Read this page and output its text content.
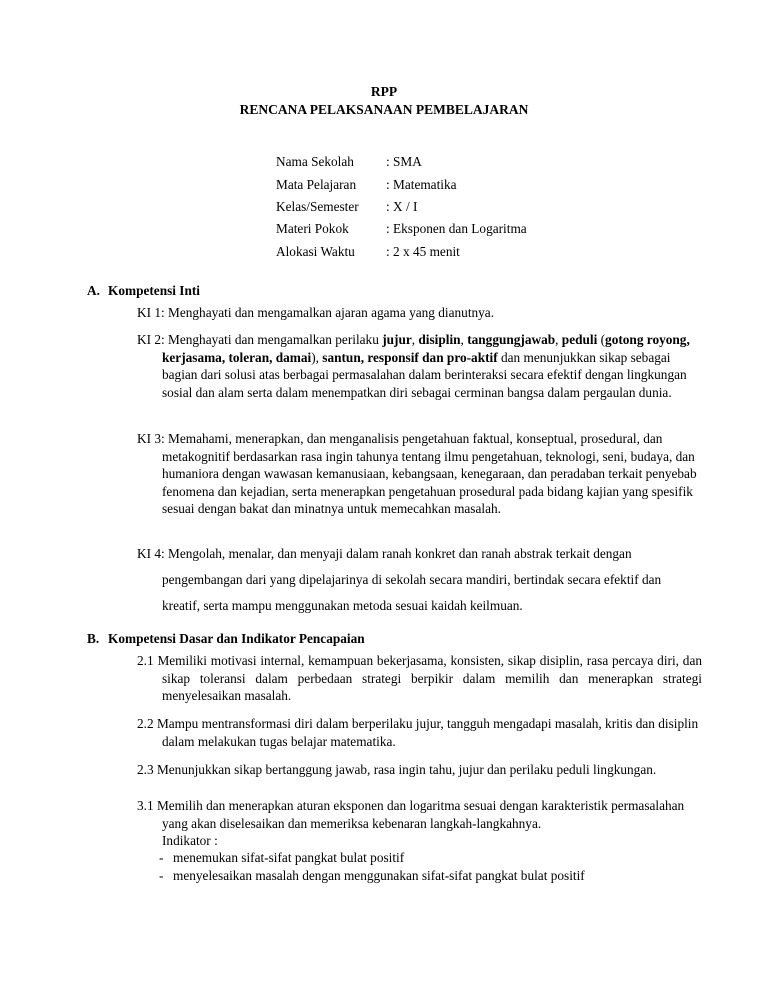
RPP
RENCANA PELAKSANAAN PEMBELAJARAN
Nama Sekolah : SMA
Mata Pelajaran : Matematika
Kelas/Semester : X / I
Materi Pokok	: Eksponen dan Logaritma
Alokasi Waktu : 2 x 45 menit
A. Kompetensi Inti
KI 1: Menghayati dan mengamalkan ajaran agama yang dianutnya.
KI 2: Menghayati dan mengamalkan perilaku jujur, disiplin, tanggungjawab, peduli (gotong royong, kerjasama, toleran, damai), santun, responsif dan pro-aktif dan menunjukkan sikap sebagai bagian dari solusi atas berbagai permasalahan dalam berinteraksi secara efektif dengan lingkungan sosial dan alam serta dalam menempatkan diri sebagai cerminan bangsa dalam pergaulan dunia.
KI 3: Memahami, menerapkan, dan menganalisis pengetahuan faktual, konseptual, prosedural, dan metakognitif berdasarkan rasa ingin tahunya tentang ilmu pengetahuan, teknologi, seni, budaya, dan humaniora dengan wawasan kemanusiaan, kebangsaan, kenegaraan, dan peradaban terkait penyebab fenomena dan kejadian, serta menerapkan pengetahuan prosedural pada bidang kajian yang spesifik sesuai dengan bakat dan minatnya untuk memecahkan masalah.
KI 4: Mengolah, menalar, dan menyaji dalam ranah konkret dan ranah abstrak terkait dengan pengembangan dari yang dipelajarinya di sekolah secara mandiri, bertindak secara efektif dan kreatif, serta mampu menggunakan metoda sesuai kaidah keilmuan.
B. Kompetensi Dasar dan Indikator Pencapaian
2.1 Memiliki motivasi internal, kemampuan bekerjasama, konsisten, sikap disiplin, rasa percaya diri, dan sikap toleransi dalam perbedaan strategi berpikir dalam memilih dan menerapkan strategi menyelesaikan masalah.
2.2 Mampu mentransformasi diri dalam berperilaku jujur, tangguh mengadapi masalah, kritis dan disiplin dalam melakukan tugas belajar matematika.
2.3 Menunjukkan sikap bertanggung jawab, rasa ingin tahu, jujur dan perilaku peduli lingkungan.
3.1 Memilih dan menerapkan aturan eksponen dan logaritma sesuai dengan karakteristik permasalahan yang akan diselesaikan dan memeriksa kebenaran langkah-langkahnya.
Indikator :
- menemukan sifat-sifat pangkat bulat positif
- menyelesaikan masalah dengan menggunakan sifat-sifat pangkat bulat positif
